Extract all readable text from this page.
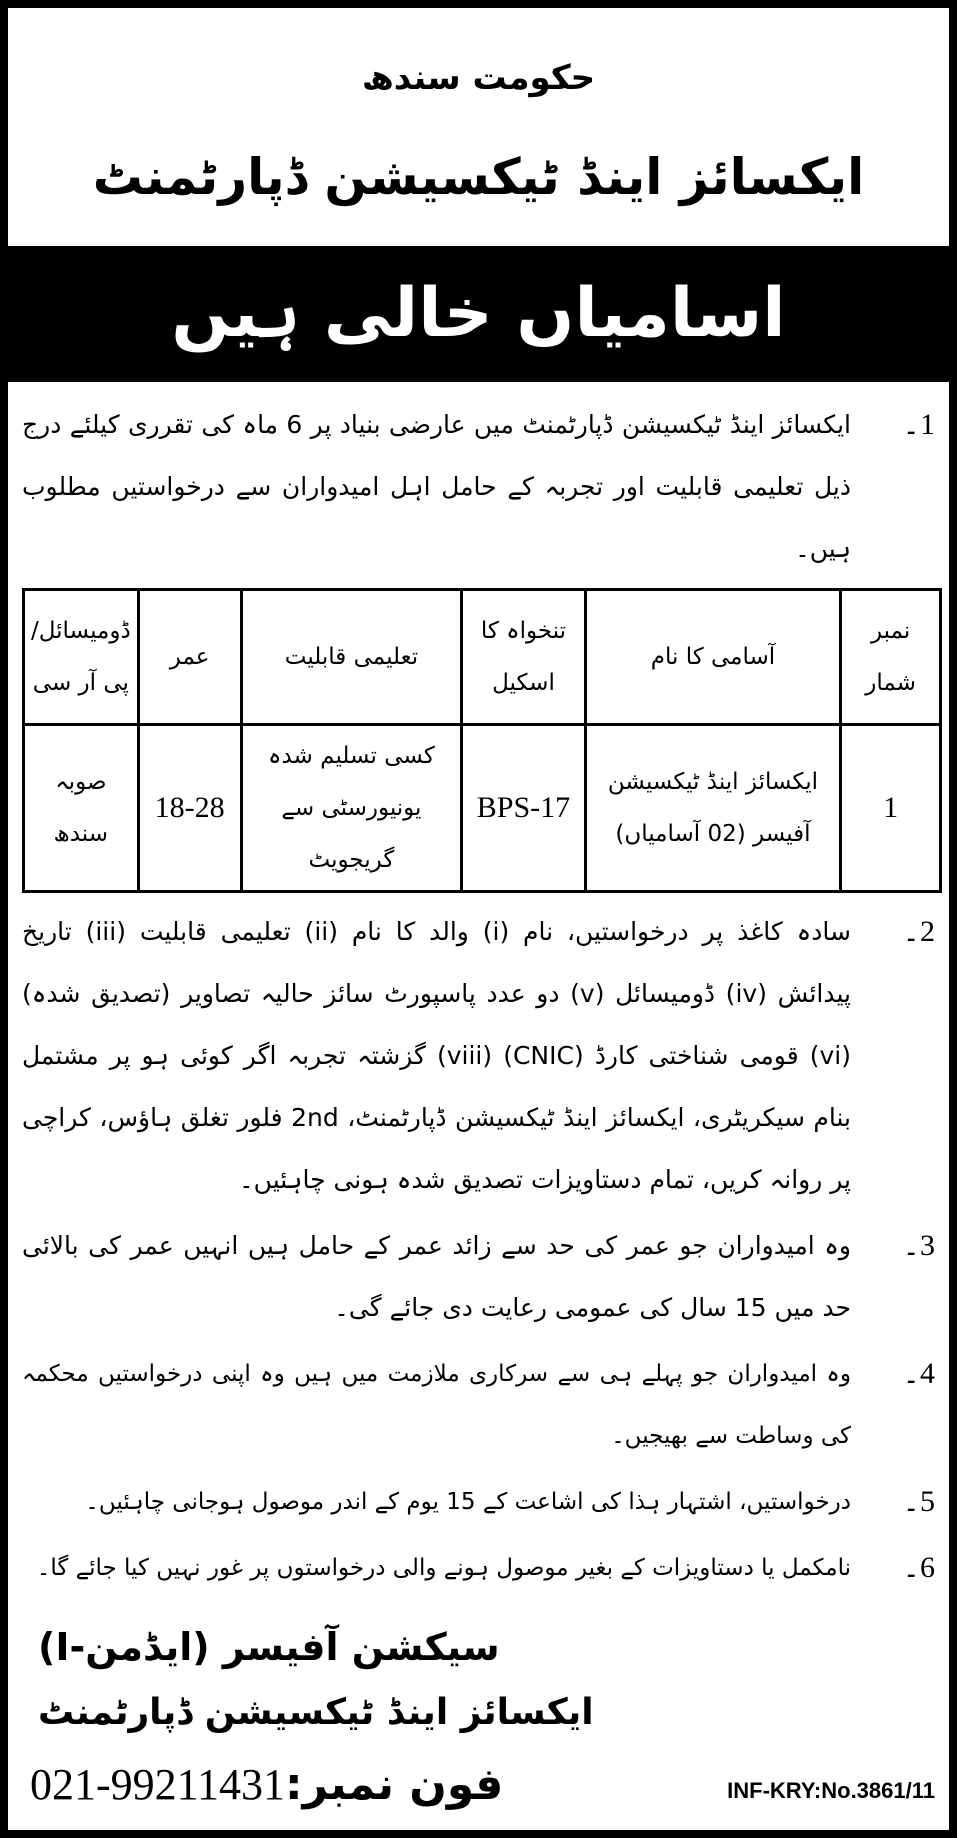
حکومت سندھ
ایکسائز اینڈ ٹیکسیشن ڈپارٹمنٹ
اسامیاں خالی ہیں
1۔
ایکسائز اینڈ ٹیکسیشن ڈپارٹمنٹ میں عارضی بنیاد پر 6 ماہ کی تقرری کیلئے درج ذیل تعلیمی قابلیت اور تجربہ کے حامل اہل امیدواران سے درخواستیں مطلوب ہیں۔
نمبر شمار	آسامی کا نام	تنخواہ کا اسکیل	تعلیمی قابلیت	عمر	ڈومیسائل/ پی آر سی
1	ایکسائز اینڈ ٹیکسیشن آفیسر (02 آسامیاں)	BPS-17	کسی تسلیم شدہ یونیورسٹی سے گریجویٹ	18-28	صوبہ سندھ
2۔
سادہ کاغذ پر درخواستیں، نام (i) والد کا نام (ii) تعلیمی قابلیت (iii) تاریخ پیدائش (iv) ڈومیسائل (v) دو عدد پاسپورٹ سائز حالیہ تصاویر (تصدیق شدہ) (vi) قومی شناختی کارڈ (CNIC) (viii) گزشتہ تجربہ اگر کوئی ہو پر مشتمل بنام سیکریٹری، ایکسائز اینڈ ٹیکسیشن ڈپارٹمنٹ، 2nd فلور تغلق ہاؤس، کراچی پر روانہ کریں، تمام دستاویزات تصدیق شدہ ہونی چاہئیں۔
3۔
وہ امیدواران جو عمر کی حد سے زائد عمر کے حامل ہیں انہیں عمر کی بالائی حد میں 15 سال کی عمومی رعایت دی جائے گی۔
4۔
وہ امیدواران جو پہلے ہی سے سرکاری ملازمت میں ہیں وہ اپنی درخواستیں محکمہ کی وساطت سے بھیجیں۔
5۔
درخواستیں، اشتہار ہذا کی اشاعت کے 15 یوم کے اندر موصول ہوجانی چاہئیں۔
6۔
نامکمل یا دستاویزات کے بغیر موصول ہونے والی درخواستوں پر غور نہیں کیا جائے گا۔
سیکشن آفیسر (ایڈمن-I)
ایکسائز اینڈ ٹیکسیشن ڈپارٹمنٹ
021-99211431فون نمبر:	INF-KRY:No.3861/11
